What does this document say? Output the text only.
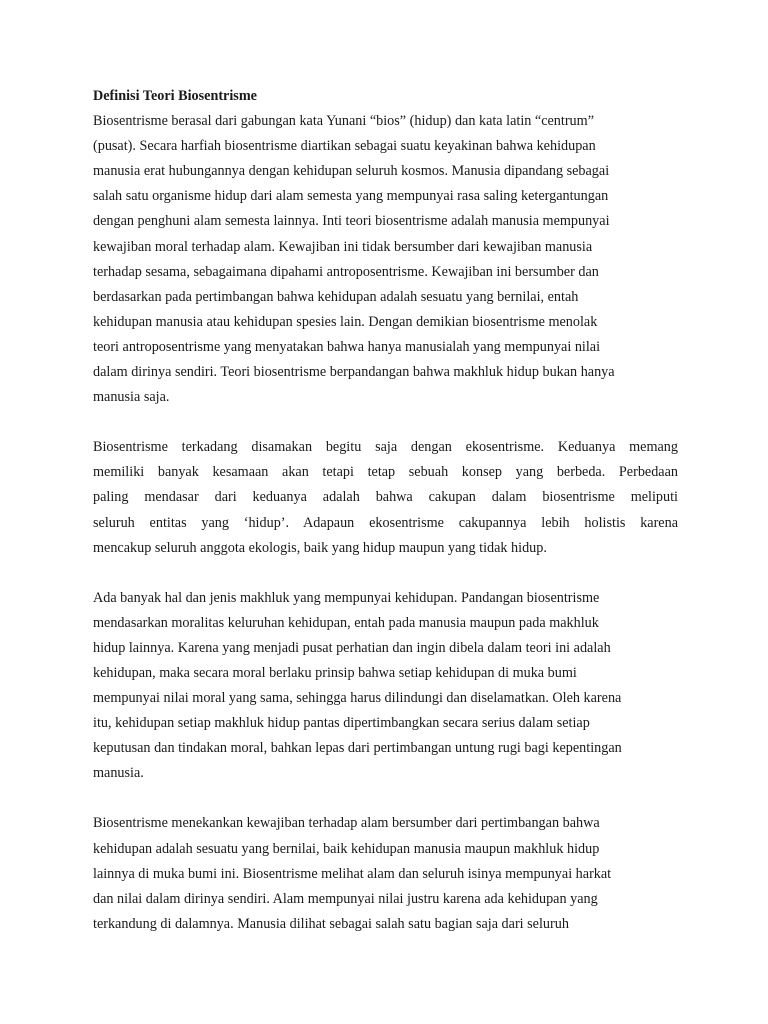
Definisi Teori Biosentrisme

Biosentrisme berasal dari gabungan kata Yunani “bios” (hidup) dan kata latin “centrum”
(pusat). Secara harfiah biosentrisme diartikan sebagai suatu keyakinan bahwa kehidupan
manusia erat hubungannya dengan kehidupan seluruh kosmos. Manusia dipandang sebagai
salah satu organisme hidup dari alam semesta yang mempunyai rasa saling ketergantungan
dengan penghuni alam semesta lainnya. Inti teori biosentrisme adalah manusia mempunyai
kewajiban moral terhadap alam. Kewajiban ini tidak bersumber dari kewajiban manusia
terhadap sesama, sebagaimana dipahami antroposentrisme. Kewajiban ini bersumber dan
berdasarkan pada pertimbangan bahwa kehidupan adalah sesuatu yang bernilai, entah
kehidupan manusia atau kehidupan spesies lain. Dengan demikian biosentrisme menolak
teori antroposentrisme yang menyatakan bahwa hanya manusialah yang mempunyai nilai
dalam dirinya sendiri. Teori biosentrisme berpandangan bahwa makhluk hidup bukan hanya
manusia saja.
Biosentrisme terkadang disamakan begitu saja dengan ekosentrisme. Keduanya memang
memiliki banyak kesamaan akan tetapi tetap sebuah konsep yang berbeda. Perbedaan
paling mendasar dari keduanya adalah bahwa cakupan dalam biosentrisme meliputi
seluruh entitas yang ‘hidup’. Adapaun ekosentrisme cakupannya lebih holistis karena
mencakup seluruh anggota ekologis, baik yang hidup maupun yang tidak hidup.
Ada banyak hal dan jenis makhluk yang mempunyai kehidupan. Pandangan biosentrisme
mendasarkan moralitas keluruhan kehidupan, entah pada manusia maupun pada makhluk
hidup lainnya. Karena yang menjadi pusat perhatian dan ingin dibela dalam teori ini adalah
kehidupan, maka secara moral berlaku prinsip bahwa setiap kehidupan di muka bumi
mempunyai nilai moral yang sama, sehingga harus dilindungi dan diselamatkan. Oleh karena
itu, kehidupan setiap makhluk hidup pantas dipertimbangkan secara serius dalam setiap
keputusan dan tindakan moral, bahkan lepas dari pertimbangan untung rugi bagi kepentingan
manusia.
Biosentrisme menekankan kewajiban terhadap alam bersumber dari pertimbangan bahwa
kehidupan adalah sesuatu yang bernilai, baik kehidupan manusia maupun makhluk hidup
lainnya di muka bumi ini. Biosentrisme melihat alam dan seluruh isinya mempunyai harkat
dan nilai dalam dirinya sendiri. Alam mempunyai nilai justru karena ada kehidupan yang
terkandung di dalamnya. Manusia dilihat sebagai salah satu bagian saja dari seluruh
